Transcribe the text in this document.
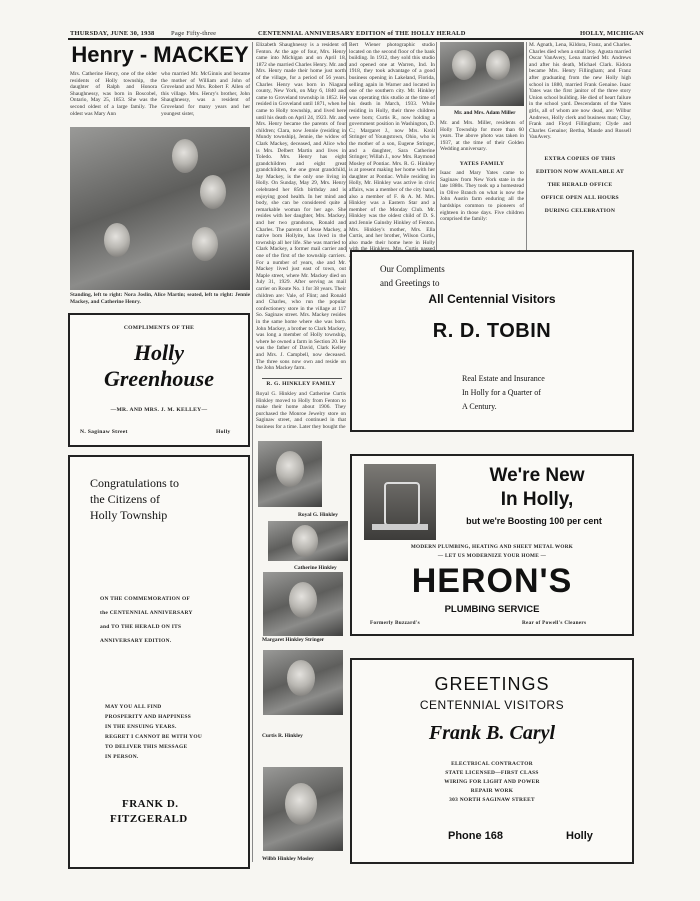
THURSDAY, JUNE 30, 1938	Page Fifty-three	CENTENNIAL ANNIVERSARY EDITION of THE HOLLY HERALD	HOLLY, MICHIGAN
Henry - MACKEY
Mrs. Catherine Henry, one of the older residents of Holly township, the daughter of Ralph and Honora Shaughnessy, was born in Boscobel, Ontario, May 25, 1853. She was the second oldest of a large family. The oldest was Mary Ann
who married Mr. McGinnis and became the mother of William and John of Groveland and Mrs. Robert F. Allen of this village. Mrs. Henry's brother, John Shaughnessy, was a resident of Groveland for many years and her youngest sister,
Standing, left to right: Nora Joslin, Alice Martin; seated, left to right: Jennie Mackey, and Catherine Henry.
COMPLIMENTS OF THE
Holly
Greenhouse
—MR. AND MRS. J. M. KELLEY—
N. Saginaw Street	Holly
Congratulations to
the Citizens of
Holly Township
ON THE COMMEMORATION OF
the CENTENNIAL ANNIVERSARY
and TO THE HERALD ON ITS
ANNIVERSARY EDITION.
MAY YOU ALL FIND
PROSPERITY AND HAPPINESS
IN THE ENSUING YEARS.
REGRET I CANNOT BE WITH YOU
TO DELIVER THIS MESSAGE
IN PERSON.
FRANK D.
FITZGERALD
Elizabeth Shaughnessy is a resident of Fenton. At the age of four, Mrs. Henry came into Michigan and on April 18, 1872 she married Charles Henry. Mr. and Mrs. Henry made their home just north of the village, for a period of 56 years. Charles Henry was born in Niagara county, New York, on May 6, 1840 and came to Groveland township in 1852. He resided in Groveland until 1871, when he came to Holly township, and lived here until his death on April 24, 1923. Mr. and Mrs. Henry became the parents of four children; Clara, now Jennie (residing in Mundy township), Jennie, the widow of Clark Mackey, deceased, and Alice who is Mrs. Delbert Martin and lives in Toledo. Mrs. Henry has eight grandchildren and eight great grandchildren, the one great grandchild, Jay Mackey, is the only one living in Holly. On Sunday, May 29, Mrs. Henry celebrated her 85th birthday and is enjoying good health. In her mind and body, she can be considered quite a remarkable woman for her age. She resides with her daughter, Mrs. Mackey, and her two grandsons, Ronald and Charles. The parents of Jesse Mackey, a native born Hollyite, has lived in the township all her life. She was married to Clark Mackey, a former mail carrier and one of the first of the township carriers. For a number of years, she and Mr. Mackey lived just east of town, out Maple street, where Mr. Mackey died on July 31, 1929. After serving as mail carrier on Route No. 1 for 38 years. Their children are: Vale, of Flint; and Ronald and Charles, who run the popular confectionery store in the village at 117 So. Saginaw street. Mrs. Mackey resides in the same home where she was born. John Mackey, a brother to Clark Mackey, was long a member of Holly township, where he owned a farm in Section 20. He was the father of David, Clark Kelley and Mrs. J. Campbell, now deceased. The three sons now own and reside on the John Mackey farm.
R. G. HINKLEY FAMILY
Royal G. Hinkley and Catherine Curtis Hinkley moved to Holly from Fenton to make their home about 1906. They purchased the Monroe Jewelry store on Saginaw street, and continued in that business for a time. Later they bought the
Royal G. Hinkley
Catherine Hinkley
Margaret Hinkley Stringer
Curtis R. Hinkley
Wilbb Hinkley Mosley
Bert Wiener photographic studio located on the second floor of the bank building. In 1912, they sold this studio and opened one at Warren, Ind. In 1918, they took advantage of a good business opening in Lakeland, Florida, selling again in Warner and located in one of the southern city. Mr. Hinkley was operating this studio at the time of his death in March, 1933. While residing in Holly, their three children were born; Curtis R., now holding a government position in Washington, D. C.; Margaret J., now Mrs. Kroll Stringer of Youngstown, Ohio, who is the mother of a son, Eugene Stringer, and a daughter, Sara Catherine Stringer; Willah J., now Mrs. Raymond Mosley of Pontiac. Mrs. R. G. Hinkley is at present making her home with her daughter at Pontiac. While residing in Holly, Mr. Hinkley was active in civic affairs, was a member of the city band, also a member of F. & A. M. Mrs. Hinkley was a Eastern Star and a member of the Monday Club. Mr. Hinkley was the oldest child of D. S. and Jennie Gainsby Hinkley of Fenton. Mrs. Hinkley's mother, Mrs. Ella Curtis, and her brother, Wilson Curtis, also made their home here in Holly
Mr. and Mrs. Adam Miller
Mr. and Mrs. Miller, residents of Holly Township for more than 60 years. The above photo was taken in 1937, at the time of their Golden Wedding anniversary.
YATES FAMILY
Isaac and Mary Yates came to Saginaw from New York state in the late 1880s. They took up a homestead in Olive Branch on what is now the John Austin farm enduring all the hardships common to pioneers of eighteen in those days. Five children comprised the family:
M. Agnath, Lena, Kildora, Franz, and Charles. Charles died when a small boy. Agusta married Oscar VanAvery, Lena married Mr. Andrews and after his death, Michael Clark. Kidora became Mrs. Henry Fillingham; and Franz after graduating from the new Holly high school in 1880, married Frank Genaine. Isaac Yates was the first janitor of the three story Union school building. He died of heart failure in the school yard. Descendants of the Yates girls, all of whom are now dead, are: Wilbur Andrews, Holly clerk and business man; Clay, Frank and Floyd Fillingham; Clyde and Charles Genaine; Bertha, Maude and Russell VanAvery.
EXTRA COPIES OF THIS
EDITION NOW AVAILABLE AT
THE HERALD OFFICE
OFFICE OPEN ALL HOURS
DURING CELEBRATION
Our Compliments
and Greetings to
All Centennial Visitors
R. D. TOBIN
Real Estate and Insurance
In Holly for a Quarter of
A Century.
We're New
In Holly,
but we're Boosting 100 per cent
MODERN PLUMBING, HEATING AND SHEET METAL WORK
— LET US MODERNIZE YOUR HOME —
HERON'S
PLUMBING SERVICE
Formerly Buzzard's	Rear of Powell's Cleaners
GREETINGS
CENTENNIAL VISITORS
Frank B. Caryl
ELECTRICAL CONTRACTOR
STATE LICENSED—FIRST CLASS
WIRING FOR LIGHT AND POWER
REPAIR WORK
303 NORTH SAGINAW STREET
Phone 168	Holly
